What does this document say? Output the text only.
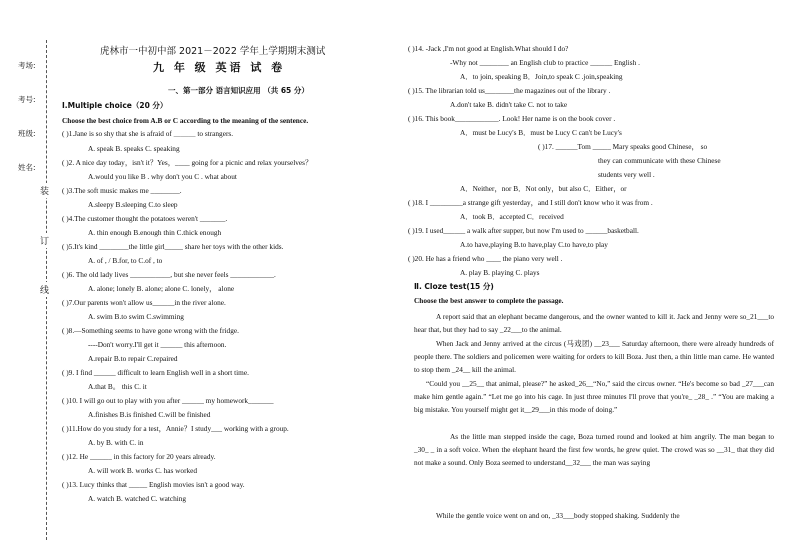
考场:
考号:
班级:
姓名:
装
订
线
虎林市一中初中部 2021－2022 学年上学期期末测试
九 年 级 英语 试 卷
一、第一部分 语言知识应用 （共 65 分）
Ⅰ.Multiple choice（20 分）
Choose the best choice from A.B or C according to the meaning of the sentence.
( )1.Jane is so shy that she is afraid of ＿＿＿ to strangers.
A. speak B. speaks C. speaking
( )2. A nice day today，isn't it？Yes，____ going for a picnic and relax yourselves？
A.would you like B . why don't you C . what about
( )3.The soft music makes me ________.
A.sleepy B.sleeping C.to sleep
( )4.The customer thought the potatoes weren't _______.
A. thin enough B.enough thin C.thick enough
( )5.It's kind ________the little girl_____ share her toys with the other kids.
A. of , / B.for, to C.of , to
( )6. The old lady lives ___________, but she never feels ____________.
A. alone; lonely B. alone; alone C. lonely， alone
( )7.Our parents won't allow us______in the river alone.
A. swim B.to swim C.swimming
( )8.—Something seems to have gone wrong with the fridge.
----Don't worry.I'll get it ______ this afternoon.
A.repair B.to repair C.repaired
( )9. I find ______ difficult to learn English well in a short time.
A.that B。 this C. it
( )10. I will go out to play with you after ______ my homework_______
A.finishes B.is finished C.will be finished
( )11.How do you study for a test，Annie？I study___ working with a group.
A. by B. with C. in
( )12. He ______ in this factory for 20 years already.
A. will work B. works C. has worked
( )13. Lucy thinks that _____ English movies isn't a good way.
A. watch B. watched C. watching
( )14. -Jack ,I'm not good at English.What should I do?
-Why not ________ an English club to practice ______ English .
A．to join, speaking B．Join,to speak C .join,speaking
( )15. The librarian told us________the magazines out of the library .
A.don't take B. didn't take C. not to take
( )16. This book____________. Look! Her name is on the book cover .
A．must be Lucy's B．must be Lucy C can't be Lucy's
( )17. ______Tom _____ Mary speaks good Chinese， so
they can communicate with these Chinese
students very well .
A．Neither，nor B．Not only，but also C．Either，or
( )18. I _________a strange gift yesterday，and I still don't know who it was from .
A．took B．accepted C．received
( )19. I used______ a walk after supper, but now I'm used to ______basketball.
A.to have,playing B.to have,play C.to have,to play
( )20. He has a friend who ____ the piano very well .
A. play B. playing C. plays
Ⅱ. Cloze test(15 分)
Choose the best answer to complete the passage.
A report said that an elephant became dangerous, and the owner wanted to kill it. Jack and Jenny were so_21___to hear that, but they had to say _22___to the animal.
When Jack and Jenny arrived at the circus (马戏团) __23___ Saturday afternoon, there were already hundreds of people there. The soldiers and policemen were waiting for orders to kill Boza. Just then, a thin little man came. He wanted to stop them _24__ kill the animal.
“Could you __25__ that animal, please?” he asked_26__“No,” said the circus owner. “He's become so bad _27___can make him gentle again.” “Let me go into his cage. In just three minutes I'll prove that you're_ _28_ .” “You are making a big mistake. You yourself might get it__29___in this mode of doing.”
As the little man stepped inside the cage, Boza turned round and looked at him angrily. The man began to _30_ _ in a soft voice. When the elephant heard the first few words, he grew quiet. The crowd was so __31_ that they did not make a sound. Only Boza seemed to understand__32___ the man was saying
While the gentle voice went on and on, _33___body stopped shaking. Suddenly the
